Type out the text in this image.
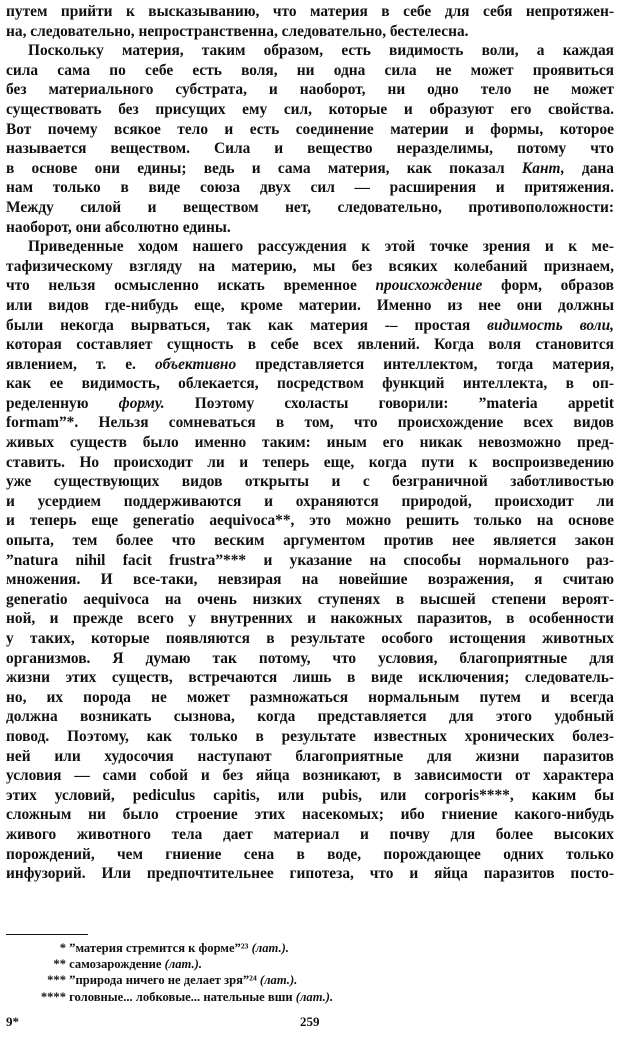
путем прийти к высказыванию, что материя в себе для себя непротяжен-
на, следовательно, непространственна, следовательно, бестелесна.
Поскольку материя, таким образом, есть видимость воли, а каждая
сила сама по себе есть воля, ни одна сила не может проявиться
без материального субстрата, и наоборот, ни одно тело не может
существовать без присущих ему сил, которые и образуют его свойства.
Вот почему всякое тело и есть соединение материи и формы, которое
называется веществом. Сила и вещество неразделимы, потому что
в основе они едины; ведь и сама материя, как показал Кант, дана
нам только в виде союза двух сил — расширения и притяжения.
Между силой и веществом нет, следовательно, противоположности:
наоборот, они абсолютно едины.
Приведенные ходом нашего рассуждения к этой точке зрения и к ме-
тафизическому взгляду на материю, мы без всяких колебаний признаем,
что нельзя осмысленно искать временное происхождение форм, образов
или видов где-нибудь еще, кроме материи. Именно из нее они должны
были некогда вырваться, так как материя -– простая видимость воли,
которая составляет сущность в себе всех явлений. Когда воля становится
явлением, т. е. объективно представляется интеллектом, тогда материя,
как ее видимость, облекается, посредством функций интеллекта, в оп-
ределенную форму. Поэтому схоласты говорили: ”materia appetit
formam”*. Нельзя сомневаться в том, что происхождение всех видов
живых существ было именно таким: иным его никак невозможно пред-
ставить. Но происходит ли и теперь еще, когда пути к воспроизведению
уже существующих видов открыты и с безграничной заботливостью
и усердием поддерживаются и охраняются природой, происходит ли
и теперь еще generatio aequivoca**, это можно решить только на основе
опыта, тем более что веским аргументом против нее является закон
”natura nihil facit frustra”*** и указание на способы нормального раз-
множения. И все-таки, невзирая на новейшие возражения, я считаю
generatio aequivoca на очень низких ступенях в высшей степени вероят-
ной, и прежде всего у внутренних и накожных паразитов, в особенности
у таких, которые появляются в результате особого истощения животных
организмов. Я думаю так потому, что условия, благоприятные для
жизни этих существ, встречаются лишь в виде исключения; следователь-
но, их порода не может размножаться нормальным путем и всегда
должна возникать сызнова, когда представляется для этого удобный
повод. Поэтому, как только в результате известных хронических болез-
ней или худосочия наступают благоприятные для жизни паразитов
условия — сами собой и без яйца возникают, в зависимости от характера
этих условий, pediculus capitis, или pubis, или corporis****, каким бы
сложным ни было строение этих насекомых; ибо гниение какого-нибудь
живого животного тела дает материал и почву для более высоких
порождений, чем гниение сена в воде, порождающее одних только
инфузорий. Или предпочтительнее гипотеза, что и яйца паразитов посто-
* ”материя стремится к форме”²³ (лат.).
** самозарождение (лат.).
*** ”природа ничего не делает зря”²⁴ (лат.).
**** головные... лобковые... нательные вши (лат.).
9*	259
